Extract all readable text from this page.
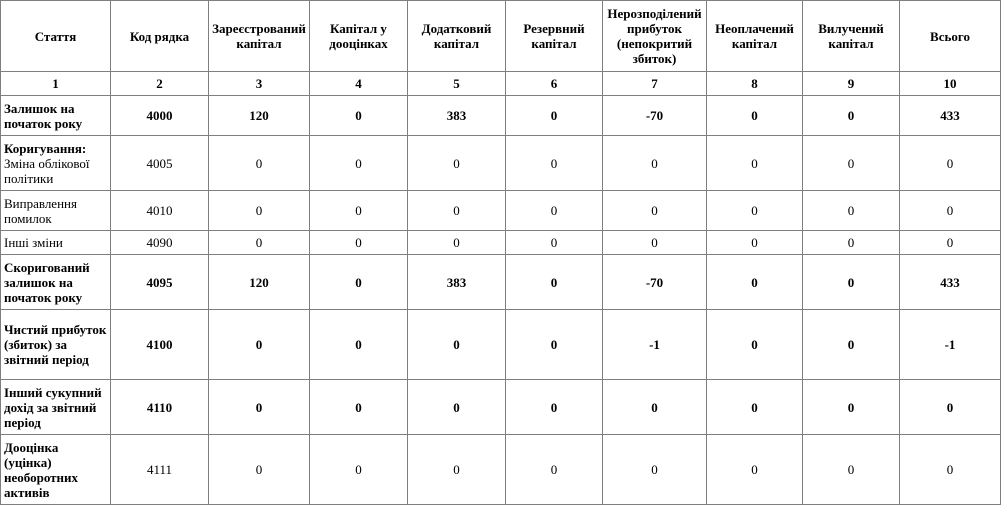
Стаття	Код рядка	Зареєстрований капітал	Капітал у дооцінках	Додатковий капітал	Резервний капітал	Нерозподілений прибуток (непокритий збиток)	Неоплачений капітал	Вилучений капітал	Всього
1	2	3	4	5	6	7	8	9	10
Залишок на початок року	4000	120	0	383	0	-70	0	0	433
Коригування:
Зміна облікової політики	4005	0	0	0	0	0	0	0	0
Виправлення помилок	4010	0	0	0	0	0	0	0	0
Інші зміни	4090	0	0	0	0	0	0	0	0
Скоригований залишок на початок року	4095	120	0	383	0	-70	0	0	433
Чистий прибуток (збиток) за звітний період	4100	0	0	0	0	-1	0	0	-1
Інший сукупний дохід за звітний період	4110	0	0	0	0	0	0	0	0
Дооцінка (уцінка) необоротних активів	4111	0	0	0	0	0	0	0	0
